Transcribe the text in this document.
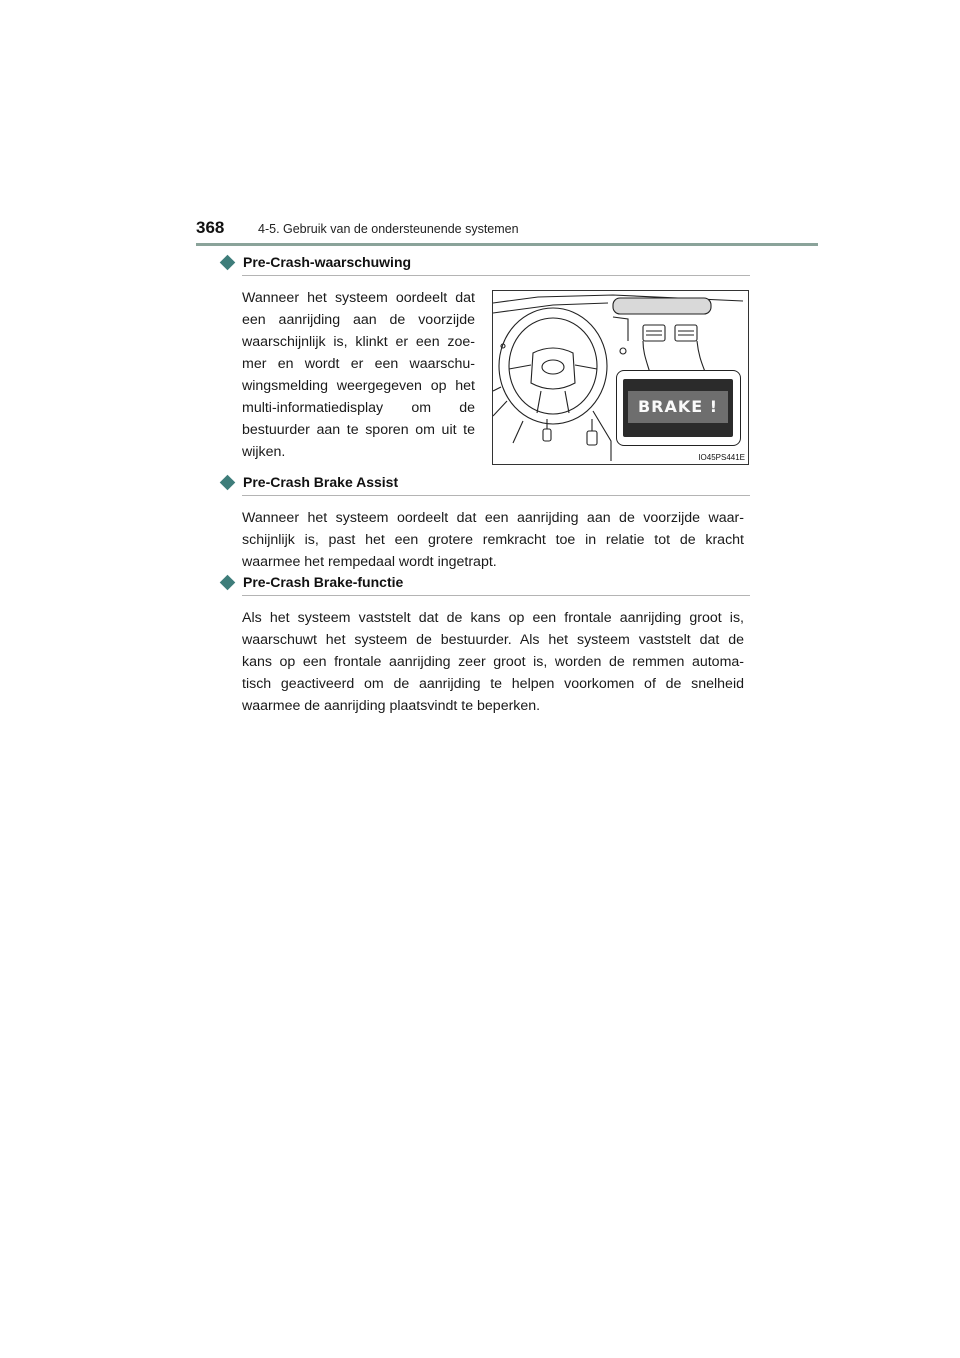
368	4-5. Gebruik van de ondersteunende systemen
Pre-Crash-waarschuwing
Wanneer het systeem oordeelt dat
een aanrijding aan de voorzijde
waarschijnlijk is, klinkt er een zoe-
mer en wordt er een waarschu-
wingsmelding weergegeven op het
multi-informatiedisplay om de
bestuurder aan te sporen om uit te
wijken.
BRAKE !
IO45PS441E
Pre-Crash Brake Assist
Wanneer het systeem oordeelt dat een aanrijding aan de voorzijde waar-
schijnlijk is, past het een grotere remkracht toe in relatie tot de kracht
waarmee het rempedaal wordt ingetrapt.
Pre-Crash Brake-functie
Als het systeem vaststelt dat de kans op een frontale aanrijding groot is,
waarschuwt het systeem de bestuurder. Als het systeem vaststelt dat de
kans op een frontale aanrijding zeer groot is, worden de remmen automa-
tisch geactiveerd om de aanrijding te helpen voorkomen of de snelheid
waarmee de aanrijding plaatsvindt te beperken.
